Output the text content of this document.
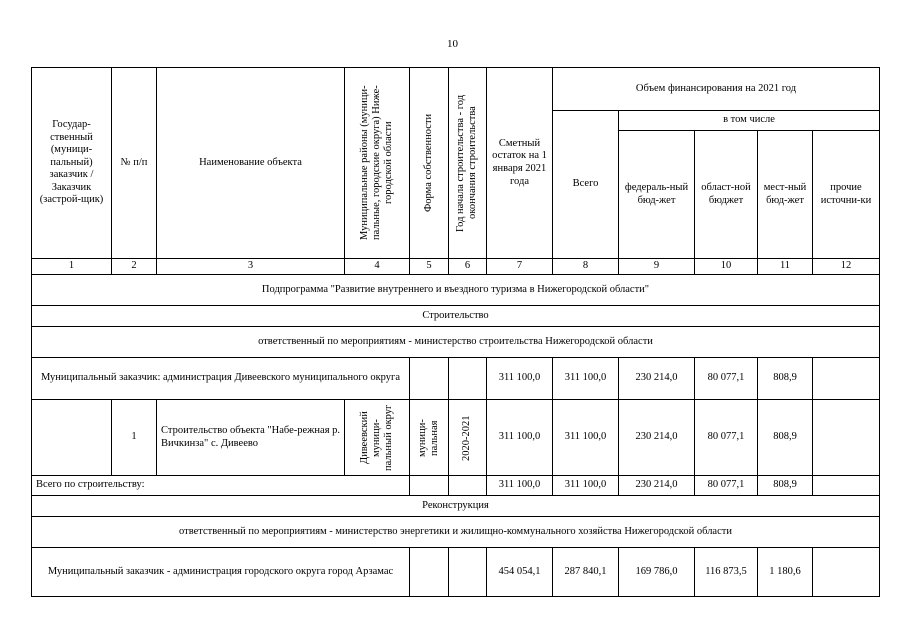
10
Государ-ственный (муници-пальный) заказчик / Заказчик (застрой-щик)	№ п/п	Наименование объекта	Муниципальные районы (муници-пальные, городские округа) Ниже-городской области	Форма собственности	Год начала строительства - год окончания строительства	Сметный остаток на 1 января 2021 года	Объем финансирования на 2021 год				
							Всего	в том числе			
								федераль-ный бюд-жет	област-ной бюджет	мест-ный бюд-жет	прочие источни-ки
1	2	3	4	5	6	7	8	9	10	11	12
Подпрограмма "Развитие внутреннего и въездного туризма в Нижегородской области"											
Строительство											
ответственный по мероприятиям - министерство строительства Нижегородской области											
Муниципальный заказчик: администрация Дивеевского муниципального округа						311 100,0	311 100,0	230 214,0	80 077,1	808,9	
	1	Строительство объекта "Набе-режная р. Вичкинза" с. Дивеево	Дивеевский муници-пальный округ	муници-пальная	2020-2021	311 100,0	311 100,0	230 214,0	80 077,1	808,9	
Всего по строительству:						311 100,0	311 100,0	230 214,0	80 077,1	808,9	
Реконструкция											
ответственный по мероприятиям - министерство энергетики и жилищно-коммунального хозяйства Нижегородской области											
Муниципальный заказчик - администрация городского округа город Арзамас						454 054,1	287 840,1	169 786,0	116 873,5	1 180,6	
